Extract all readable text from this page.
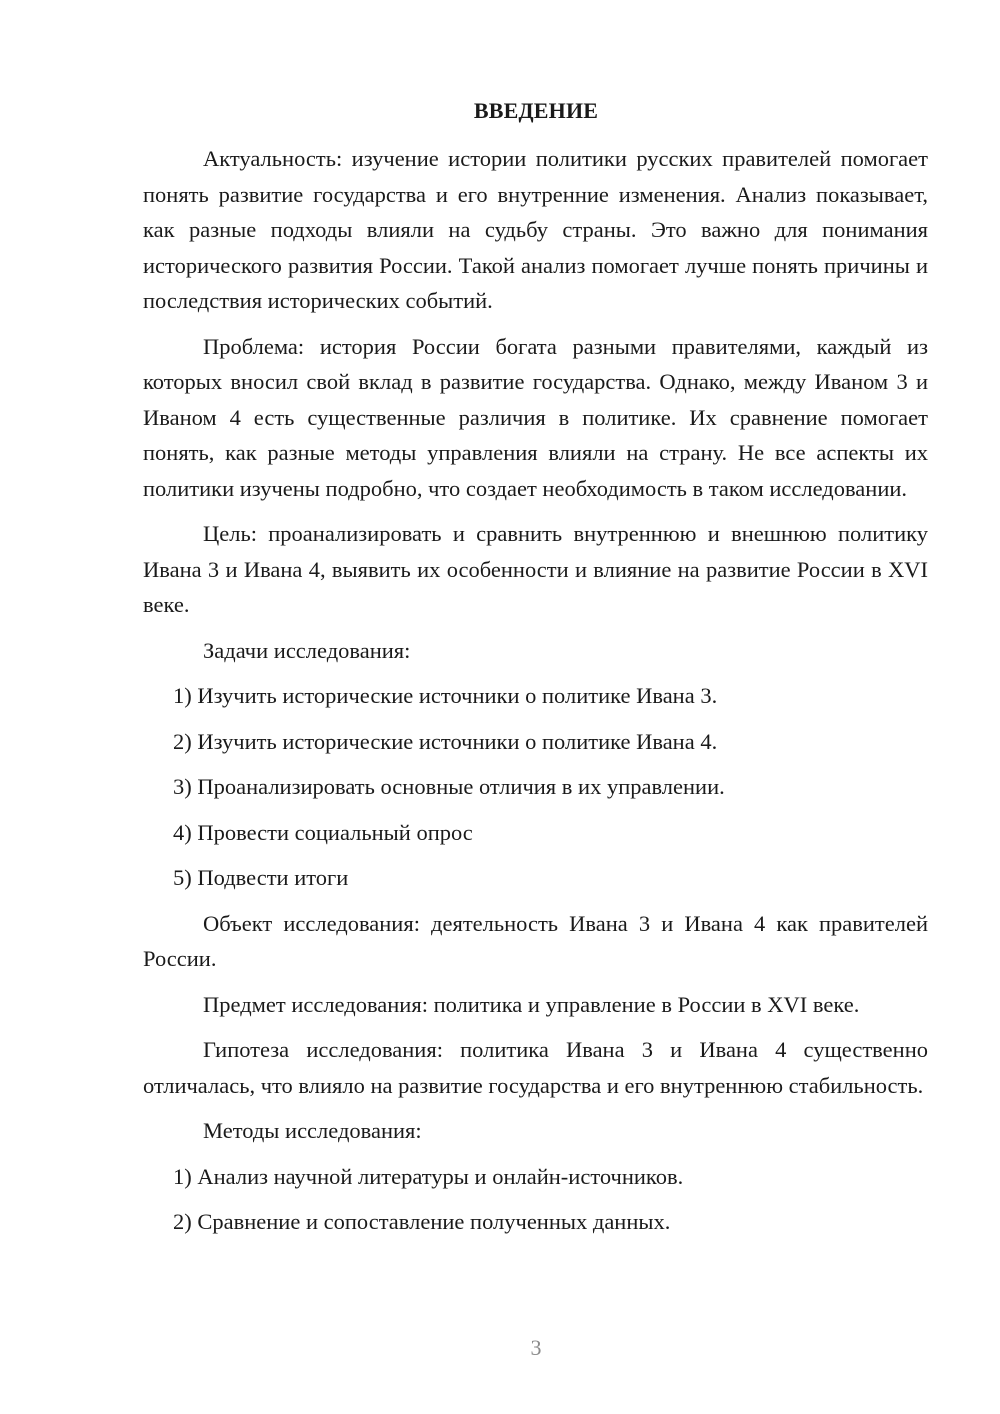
ВВЕДЕНИЕ

Актуальность: изучение истории политики русских правителей помогает понять развитие государства и его внутренние изменения. Анализ показывает, как разные подходы влияли на судьбу страны. Это важно для понимания исторического развития России. Такой анализ помогает лучше понять причины и последствия исторических событий.

Проблема: история России богата разными правителями, каждый из которых вносил свой вклад в развитие государства. Однако, между Иваном 3 и Иваном 4 есть существенные различия в политике. Их сравнение помогает понять, как разные методы управления влияли на страну. Не все аспекты их политики изучены подробно, что создает необходимость в таком исследовании.

Цель: проанализировать и сравнить внутреннюю и внешнюю политику Ивана 3 и Ивана 4, выявить их особенности и влияние на развитие России в XVI веке.

Задачи исследования:

1) Изучить исторические источники о политике Ивана 3.

2) Изучить исторические источники о политике Ивана 4.

3) Проанализировать основные отличия в их управлении.

4) Провести социальный опрос

5) Подвести итоги

Объект исследования: деятельность Ивана 3 и Ивана 4 как правителей России.

Предмет исследования: политика и управление в России в XVI веке.

Гипотеза исследования: политика Ивана 3 и Ивана 4 существенно отличалась, что влияло на развитие государства и его внутреннюю стабильность.

Методы исследования:

1) Анализ научной литературы и онлайн-источников.

2) Сравнение и сопоставление полученных данных.

3
